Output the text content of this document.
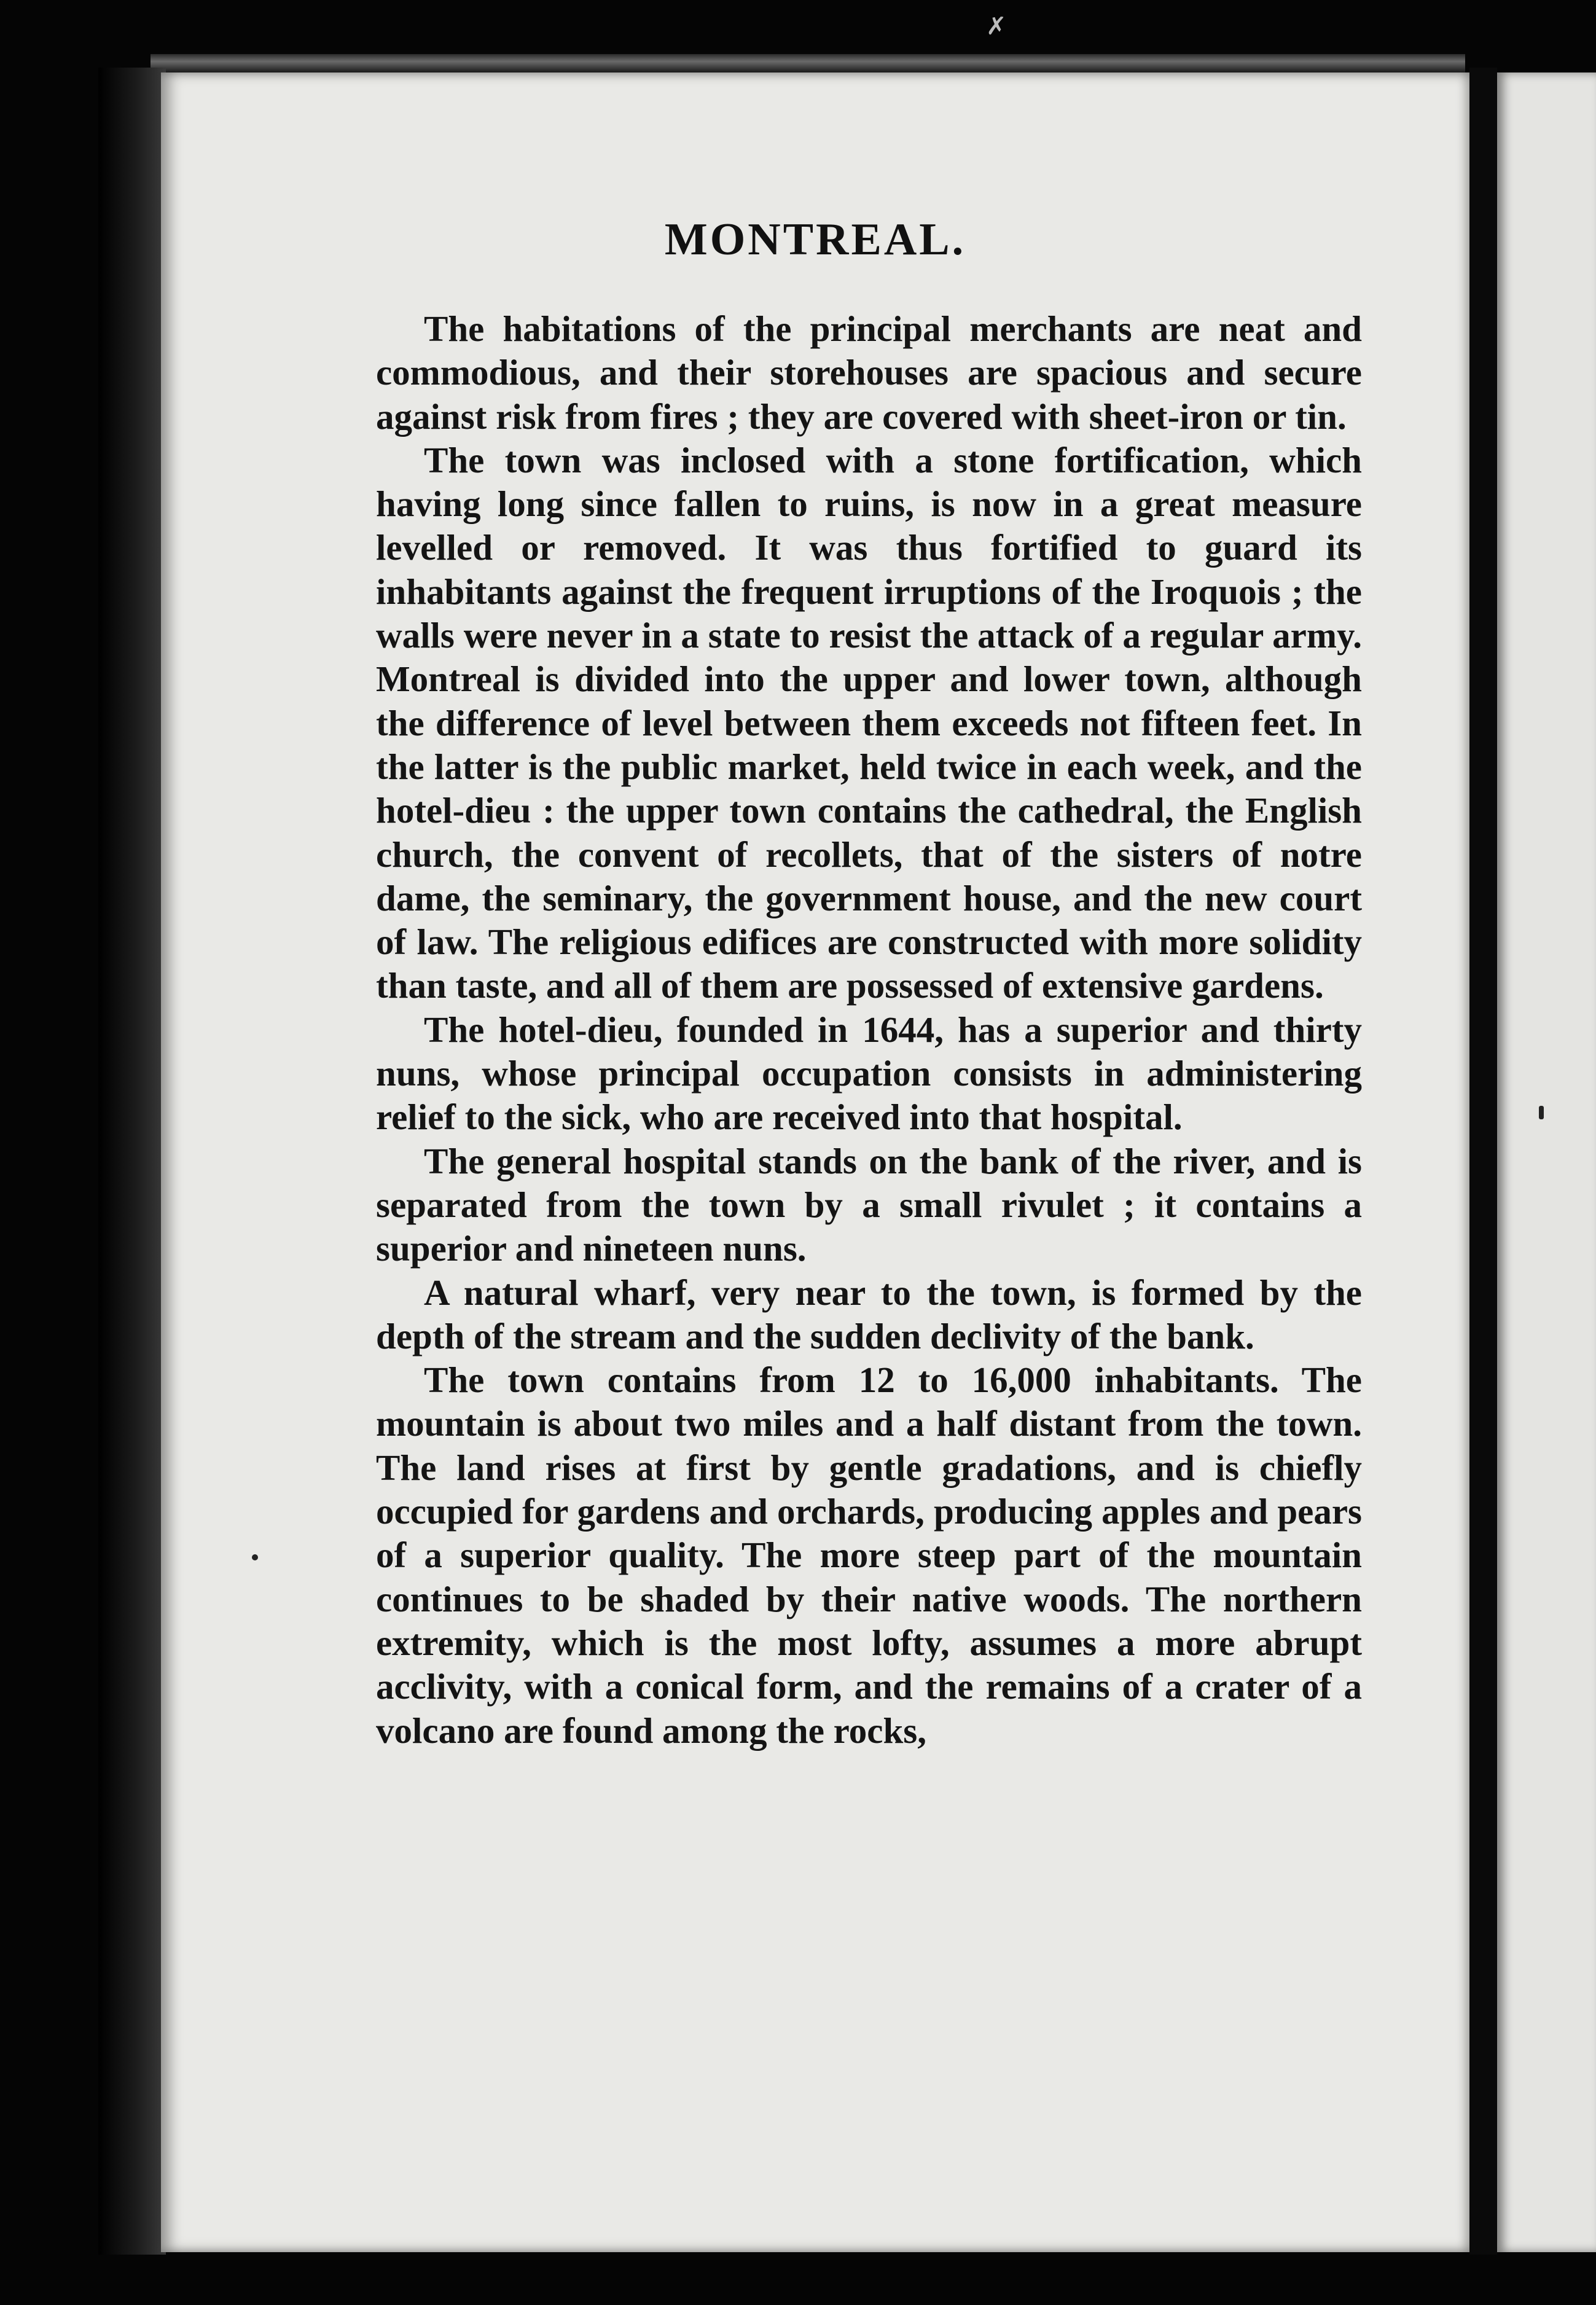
✗
MONTREAL.

The habitations of the principal merchants are neat and commodious, and their storehouses are spacious and secure against risk from fires ; they are covered with sheet-iron or tin.

The town was inclosed with a stone fortification, which having long since fallen to ruins, is now in a great measure levelled or removed. It was thus fortified to guard its inhabitants against the frequent irruptions of the Iroquois ; the walls were never in a state to resist the attack of a regular army. Montreal is divided into the upper and lower town, although the difference of level between them exceeds not fifteen feet. In the latter is the public market, held twice in each week, and the hotel-dieu : the upper town contains the cathedral, the English church, the convent of recollets, that of the sisters of notre dame, the seminary, the government house, and the new court of law. The religious edifices are constructed with more solidity than taste, and all of them are possessed of extensive gardens.

The hotel-dieu, founded in 1644, has a superior and thirty nuns, whose principal occupation consists in administering relief to the sick, who are received into that hospital.

The general hospital stands on the bank of the river, and is separated from the town by a small rivulet ; it contains a superior and nineteen nuns.

A natural wharf, very near to the town, is formed by the depth of the stream and the sudden declivity of the bank.

The town contains from 12 to 16,000 inhabitants. The mountain is about two miles and a half distant from the town. The land rises at first by gentle gradations, and is chiefly occupied for gardens and orchards, producing apples and pears of a superior quality. The more steep part of the mountain continues to be shaded by their native woods. The northern extremity, which is the most lofty, assumes a more abrupt acclivity, with a conical form, and the remains of a crater of a volcano are found among the rocks,
